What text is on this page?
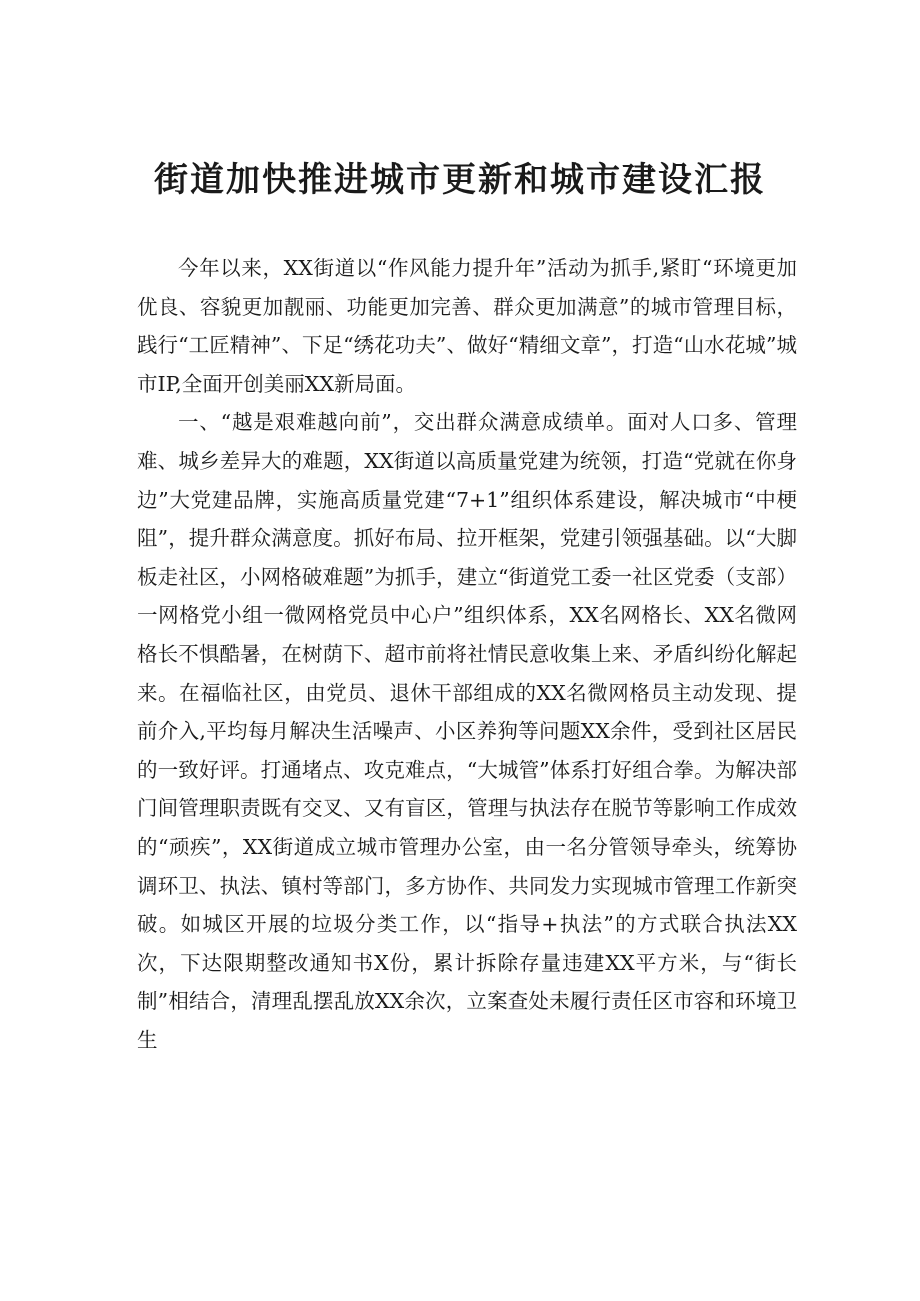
街道加快推进城市更新和城市建设汇报

今年以来，XX街道以“作风能力提升年”活动为抓手,紧盯“环境更加优良、容貌更加靓丽、功能更加完善、群众更加满意”的城市管理目标，践行“工匠精神”、下足“绣花功夫”、做好“精细文章”，打造“山水花城”城市IP,全面开创美丽XX新局面。

一、“越是艰难越向前”，交出群众满意成绩单。面对人口多、管理难、城乡差异大的难题，XX街道以高质量党建为统领，打造“党就在你身边”大党建品牌，实施高质量党建“7+1”组织体系建设，解决城市“中梗阻”，提升群众满意度。抓好布局、拉开框架，党建引领强基础。以“大脚板走社区，小网格破难题”为抓手，建立“街道党工委一社区党委（支部）一网格党小组一微网格党员中心户”组织体系，XX名网格长、XX名微网格长不惧酷暑，在树荫下、超市前将社情民意收集上来、矛盾纠纷化解起来。在福临社区，由党员、退休干部组成的XX名微网格员主动发现、提前介入,平均每月解决生活噪声、小区养狗等问题XX余件，受到社区居民的一致好评。打通堵点、攻克难点，“大城管”体系打好组合拳。为解决部门间管理职责既有交叉、又有盲区，管理与执法存在脱节等影响工作成效的“顽疾”，XX街道成立城市管理办公室，由一名分管领导牵头，统筹协调环卫、执法、镇村等部门，多方协作、共同发力实现城市管理工作新突破。如城区开展的垃圾分类工作，以“指导+执法”的方式联合执法XX次，下达限期整改通知书X份，累计拆除存量违建XX平方米，与“街长制”相结合，清理乱摆乱放XX余次，立案查处未履行责任区市容和环境卫生
